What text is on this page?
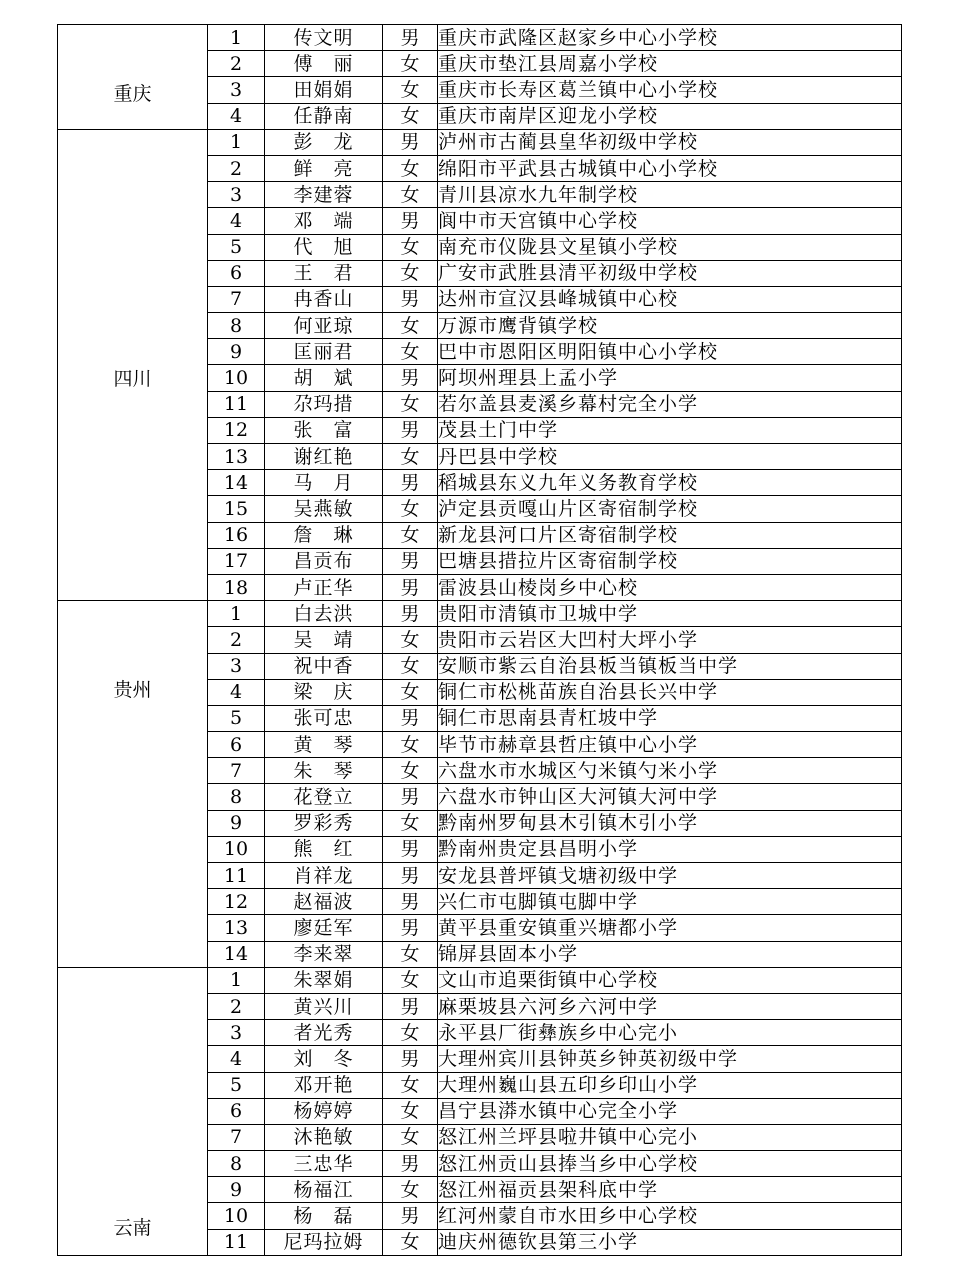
重庆	1	传文明	男	重庆市武隆区赵家乡中心小学校
	2	傅　丽	女	重庆市垫江县周嘉小学校
	3	田娟娟	女	重庆市长寿区葛兰镇中心小学校
	4	任静南	女	重庆市南岸区迎龙小学校

四川	1	彭　龙	男	泸州市古蔺县皇华初级中学校
	2	鲜　亮	女	绵阳市平武县古城镇中心小学校
	3	李建蓉	女	青川县凉水九年制学校
	4	邓　端	男	阆中市天宫镇中心学校
	5	代　旭	女	南充市仪陇县文星镇小学校
	6	王　君	女	广安市武胜县清平初级中学校
	7	冉香山	男	达州市宣汉县峰城镇中心校
	8	何亚琼	女	万源市鹰背镇学校
	9	匡丽君	女	巴中市恩阳区明阳镇中心小学校
	10	胡　斌	男	阿坝州理县上孟小学
	11	尕玛措	女	若尔盖县麦溪乡幕村完全小学
	12	张　富	男	茂县土门中学
	13	谢红艳	女	丹巴县中学校
	14	马　月	男	稻城县东义九年义务教育学校
	15	吴燕敏	女	泸定县贡嘎山片区寄宿制学校
	16	詹　琳	女	新龙县河口片区寄宿制学校
	17	昌贡布	男	巴塘县措拉片区寄宿制学校
	18	卢正华	男	雷波县山棱岗乡中心校

贵州	1	白去洪	男	贵阳市清镇市卫城中学
	2	吴　靖	女	贵阳市云岩区大凹村大坪小学
	3	祝中香	女	安顺市紫云自治县板当镇板当中学
	4	梁　庆	女	铜仁市松桃苗族自治县长兴中学
	5	张可忠	男	铜仁市思南县青杠坡中学
	6	黄　琴	女	毕节市赫章县哲庄镇中心小学
	7	朱　琴	女	六盘水市水城区勺米镇勺米小学
	8	花登立	男	六盘水市钟山区大河镇大河中学
	9	罗彩秀	女	黔南州罗甸县木引镇木引小学
	10	熊　红	男	黔南州贵定县昌明小学
	11	肖祥龙	男	安龙县普坪镇戈塘初级中学
	12	赵福波	男	兴仁市屯脚镇屯脚中学
	13	廖廷军	男	黄平县重安镇重兴塘都小学
	14	李来翠	女	锦屏县固本小学

云南	1	朱翠娟	女	文山市追栗街镇中心学校
	2	黄兴川	男	麻栗坡县六河乡六河中学
	3	者光秀	女	永平县厂街彝族乡中心完小
	4	刘　冬	男	大理州宾川县钟英乡钟英初级中学
	5	邓开艳	女	大理州巍山县五印乡印山小学
	6	杨婷婷	女	昌宁县漭水镇中心完全小学
	7	沐艳敏	女	怒江州兰坪县啦井镇中心完小
	8	三忠华	男	怒江州贡山县捧当乡中心学校
	9	杨福江	女	怒江州福贡县架科底中学
	10	杨　磊	男	红河州蒙自市水田乡中心学校
	11	尼玛拉姆	女	迪庆州德钦县第三小学
